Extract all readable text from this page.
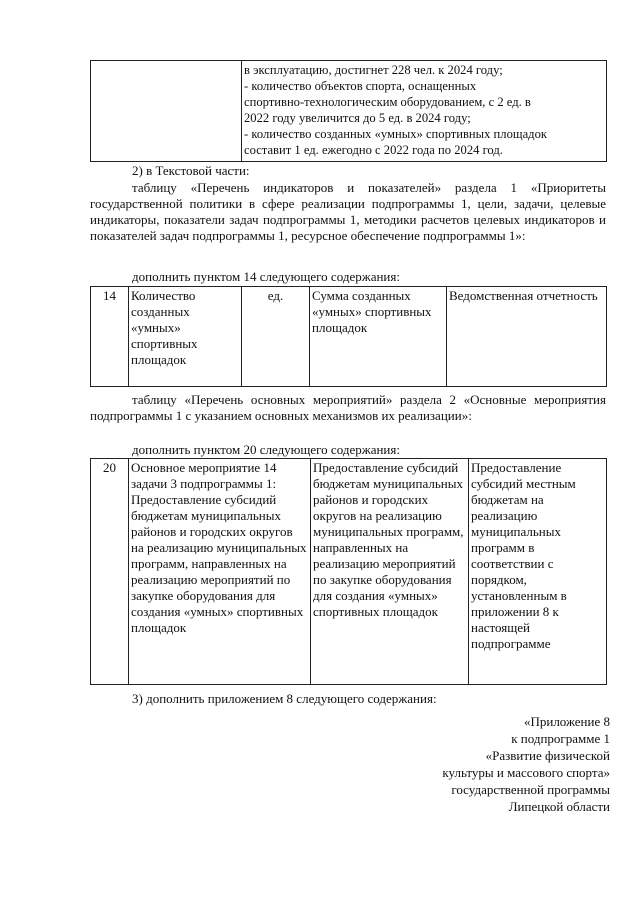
в эксплуатацию, достигнет 228 чел. к 2024 году;
- количество объектов спорта, оснащенных
спортивно-технологическим оборудованием, с 2 ед. в
2022 году увеличится до 5 ед. в 2024 году;
- количество созданных «умных» спортивных площадок
составит 1 ед. ежегодно с 2022 года по 2024 год.
2) в Текстовой части:
таблицу «Перечень индикаторов и показателей» раздела 1 «Приоритеты государственной политики в сфере реализации подпрограммы 1, цели, задачи, целевые индикаторы, показатели задач подпрограммы 1, методики расчетов целевых индикаторов и показателей задач подпрограммы 1, ресурсное обеспечение подпрограммы 1»:
дополнить пунктом 14 следующего содержания:
14	Количество созданных «умных» спортивных площадок	ед.	Сумма созданных «умных» спортивных площадок	Ведомственная отчетность
таблицу «Перечень основных мероприятий» раздела 2 «Основные мероприятия подпрограммы 1 с указанием основных механизмов их реализации»:
дополнить пунктом 20 следующего содержания:
20	Основное мероприятие 14 задачи 3 подпрограммы 1: Предоставление субсидий бюджетам муниципальных районов и городских округов на реализацию муниципальных программ, направленных на реализацию мероприятий по закупке оборудования для создания «умных» спортивных площадок	Предоставление субсидий бюджетам муниципальных районов и городских округов на реализацию муниципальных программ, направленных на реализацию мероприятий по закупке оборудования для создания «умных» спортивных площадок	Предоставление субсидий местным бюджетам на реализацию муниципальных программ в соответствии с порядком, установленным в приложении 8 к настоящей подпрограмме
3) дополнить приложением 8 следующего содержания:
«Приложение 8
к подпрограмме 1
«Развитие физической
культуры и массового спорта»
государственной программы
Липецкой области
